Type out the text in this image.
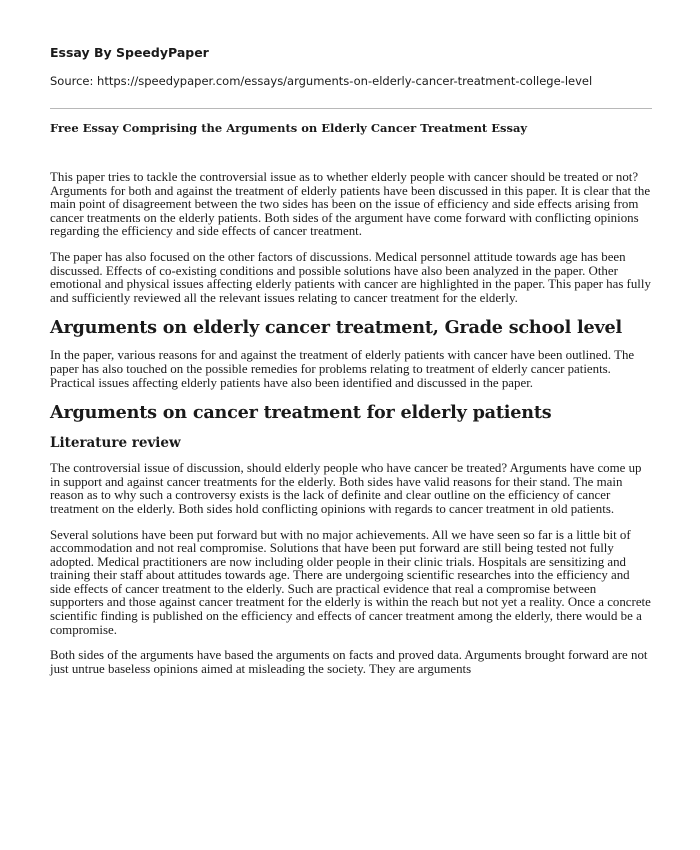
Essay By SpeedyPaper
Source: https://speedypaper.com/essays/arguments-on-elderly-cancer-treatment-college-level
Free Essay Comprising the Arguments on Elderly Cancer Treatment Essay

This paper tries to tackle the controversial issue as to whether elderly people with cancer should be treated or not? Arguments for both and against the treatment of elderly patients have been discussed in this paper. It is clear that the main point of disagreement between the two sides has been on the issue of efficiency and side effects arising from cancer treatments on the elderly patients. Both sides of the argument have come forward with conflicting opinions regarding the efficiency and side effects of cancer treatment.

The paper has also focused on the other factors of discussions. Medical personnel attitude towards age has been discussed. Effects of co-existing conditions and possible solutions have also been analyzed in the paper. Other emotional and physical issues affecting elderly patients with cancer are highlighted in the paper. This paper has fully and sufficiently reviewed all the relevant issues relating to cancer treatment for the elderly.

Arguments on elderly cancer treatment, Grade school level

In the paper, various reasons for and against the treatment of elderly patients with cancer have been outlined. The paper has also touched on the possible remedies for problems relating to treatment of elderly cancer patients. Practical issues affecting elderly patients have also been identified and discussed in the paper.

Arguments on cancer treatment for elderly patients
Literature review

The controversial issue of discussion, should elderly people who have cancer be treated? Arguments have come up in support and against cancer treatments for the elderly. Both sides have valid reasons for their stand. The main reason as to why such a controversy exists is the lack of definite and clear outline on the efficiency of cancer treatment on the elderly. Both sides hold conflicting opinions with regards to cancer treatment in old patients.

Several solutions have been put forward but with no major achievements. All we have seen so far is a little bit of accommodation and not real compromise. Solutions that have been put forward are still being tested not fully adopted. Medical practitioners are now including older people in their clinic trials. Hospitals are sensitizing and training their staff about attitudes towards age. There are undergoing scientific researches into the efficiency and side effects of cancer treatment to the elderly. Such are practical evidence that real a compromise between supporters and those against cancer treatment for the elderly is within the reach but not yet a reality. Once a concrete scientific finding is published on the efficiency and effects of cancer treatment among the elderly, there would be a compromise.

Both sides of the arguments have based the arguments on facts and proved data. Arguments brought forward are not just untrue baseless opinions aimed at misleading the society. They are arguments
